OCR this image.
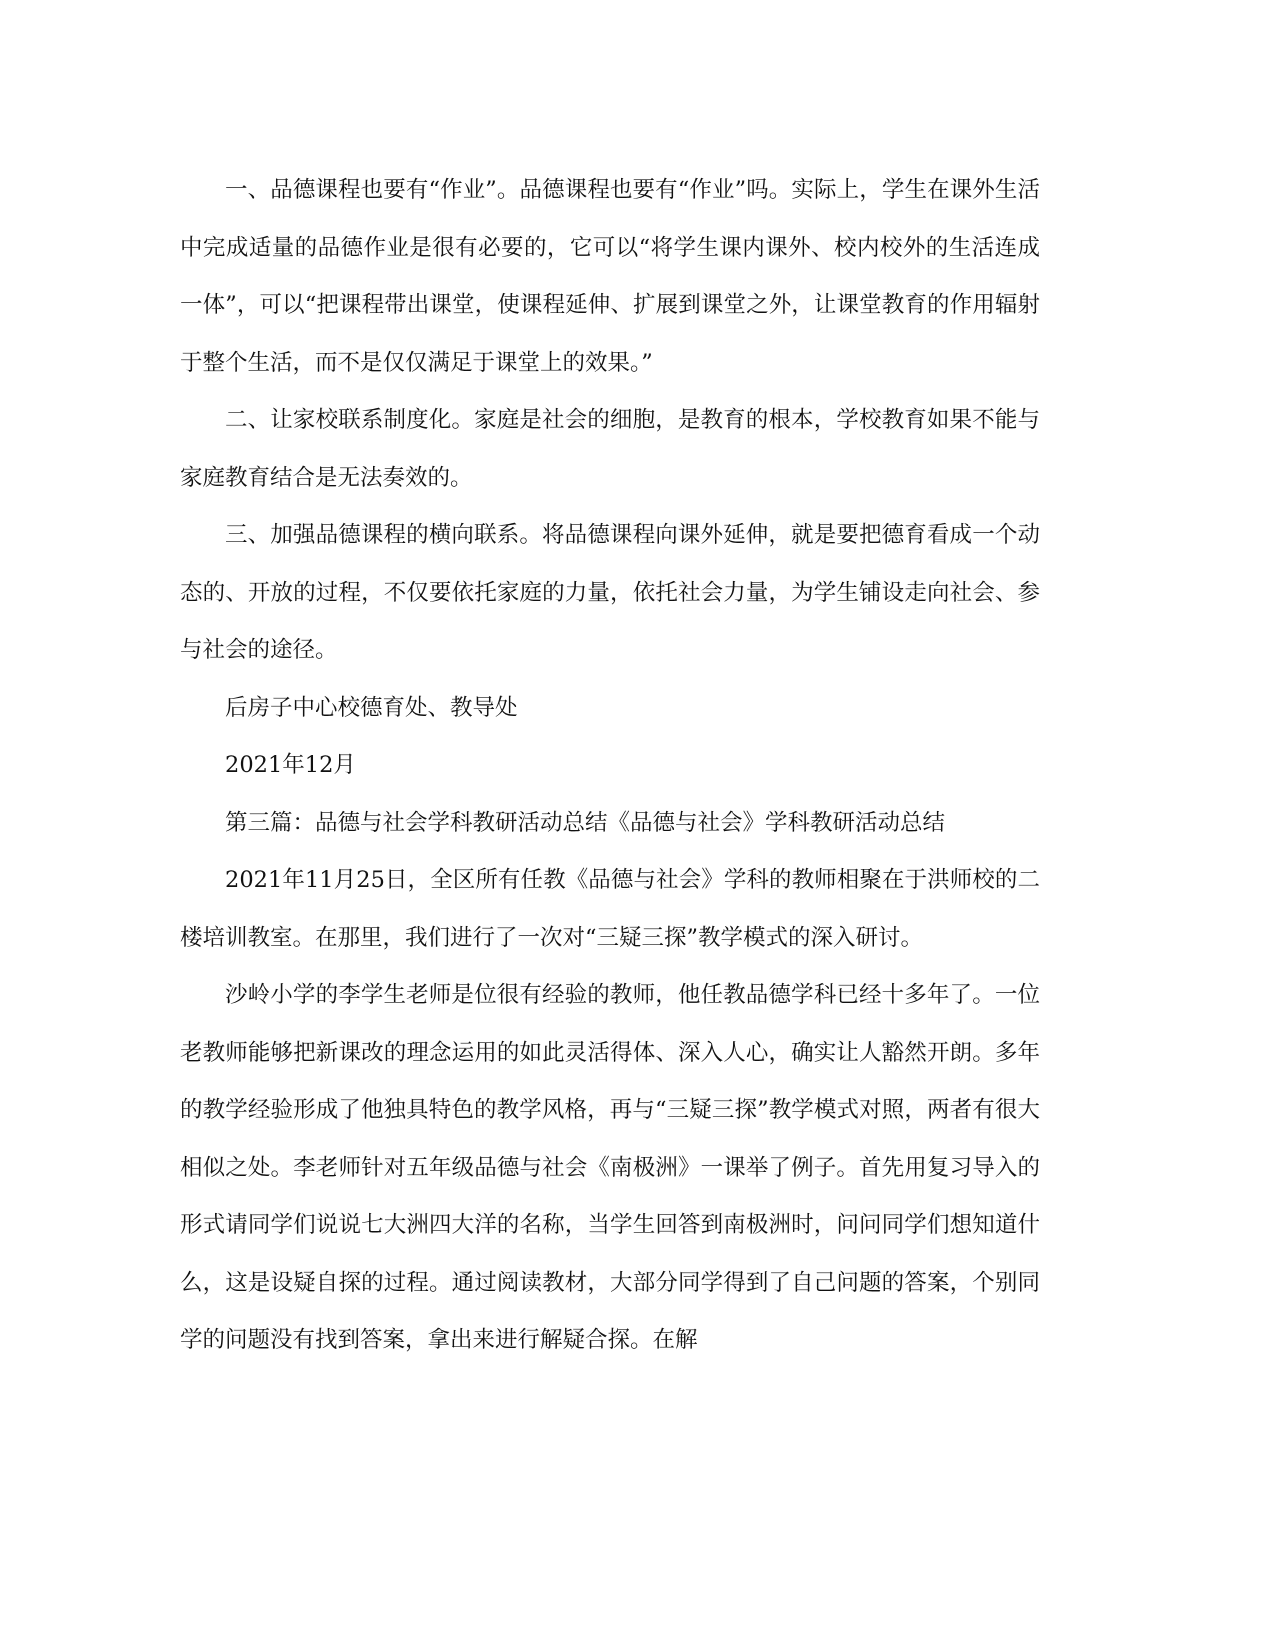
一、品德课程也要有“作业”。品德课程也要有“作业”吗。实际上，学生在课外生活中完成适量的品德作业是很有必要的，它可以“将学生课内课外、校内校外的生活连成一体”，可以“把课程带出课堂，使课程延伸、扩展到课堂之外，让课堂教育的作用辐射于整个生活，而不是仅仅满足于课堂上的效果。”

二、让家校联系制度化。家庭是社会的细胞，是教育的根本，学校教育如果不能与家庭教育结合是无法奏效的。

三、加强品德课程的横向联系。将品德课程向课外延伸，就是要把德育看成一个动态的、开放的过程，不仅要依托家庭的力量，依托社会力量，为学生铺设走向社会、参与社会的途径。

后房子中心校德育处、教导处

2021年12月

第三篇：品德与社会学科教研活动总结《品德与社会》学科教研活动总结

2021年11月25日，全区所有任教《品德与社会》学科的教师相聚在于洪师校的二楼培训教室。在那里，我们进行了一次对“三疑三探”教学模式的深入研讨。

沙岭小学的李学生老师是位很有经验的教师，他任教品德学科已经十多年了。一位老教师能够把新课改的理念运用的如此灵活得体、深入人心，确实让人豁然开朗。多年的教学经验形成了他独具特色的教学风格，再与“三疑三探”教学模式对照，两者有很大相似之处。李老师针对五年级品德与社会《南极洲》一课举了例子。首先用复习导入的形式请同学们说说七大洲四大洋的名称，当学生回答到南极洲时，问问同学们想知道什么，这是设疑自探的过程。通过阅读教材，大部分同学得到了自己问题的答案，个别同学的问题没有找到答案，拿出来进行解疑合探。在解
